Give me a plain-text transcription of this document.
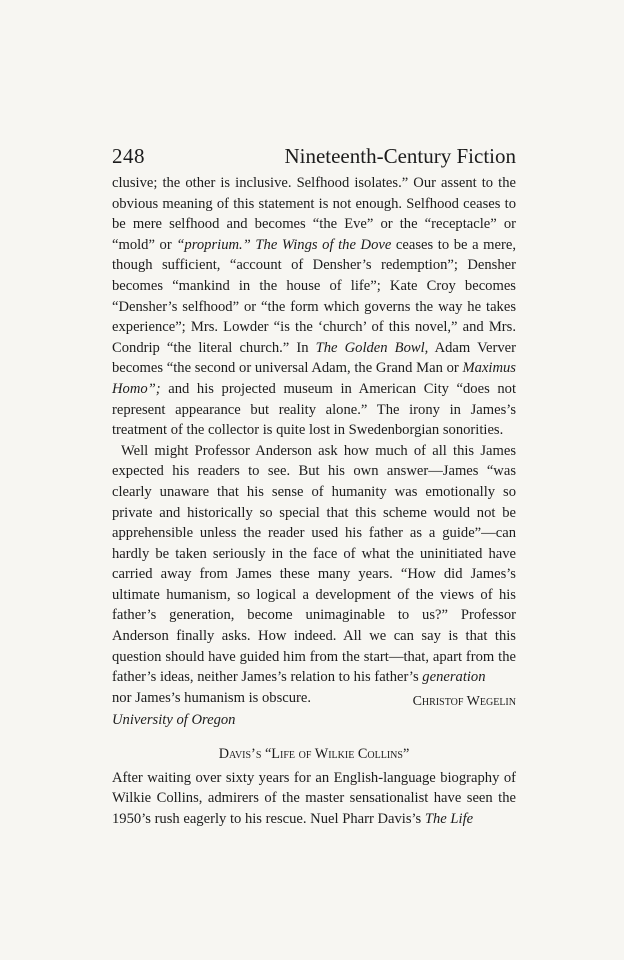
248	Nineteenth-Century Fiction

clusive; the other is inclusive. Selfhood isolates.” Our assent to the obvious meaning of this statement is not enough. Selfhood ceases to be mere selfhood and becomes “the Eve” or the “receptacle” or “mold” or “proprium.” The Wings of the Dove ceases to be a mere, though sufficient, “account of Densher’s redemption”; Densher becomes “mankind in the house of life”; Kate Croy becomes “Densher’s selfhood” or “the form which governs the way he takes experience”; Mrs. Lowder “is the ‘church’ of this novel,” and Mrs. Condrip “the literal church.” In The Golden Bowl, Adam Verver becomes “the second or universal Adam, the Grand Man or Maximus Homo”; and his projected museum in American City “does not represent appearance but reality alone.” The irony in James’s treatment of the collector is quite lost in Swedenborgian sonorities.

Well might Professor Anderson ask how much of all this James expected his readers to see. But his own answer—James “was clearly unaware that his sense of humanity was emotionally so private and historically so special that this scheme would not be apprehensible unless the reader used his father as a guide”—can hardly be taken seriously in the face of what the uninitiated have carried away from James these many years. “How did James’s ultimate humanism, so logical a development of the views of his father’s generation, become unimaginable to us?” Professor Anderson finally asks. How indeed. All we can say is that this question should have guided him from the start—that, apart from the father’s ideas, neither James’s relation to his father’s generation

nor James’s humanism is obscure.	Christof Wegelin
University of Oregon
Davis’s “Life of Wilkie Collins”

After waiting over sixty years for an English-language biography of Wilkie Collins, admirers of the master sensationalist have seen the 1950’s rush eagerly to his rescue. Nuel Pharr Davis’s The Life
